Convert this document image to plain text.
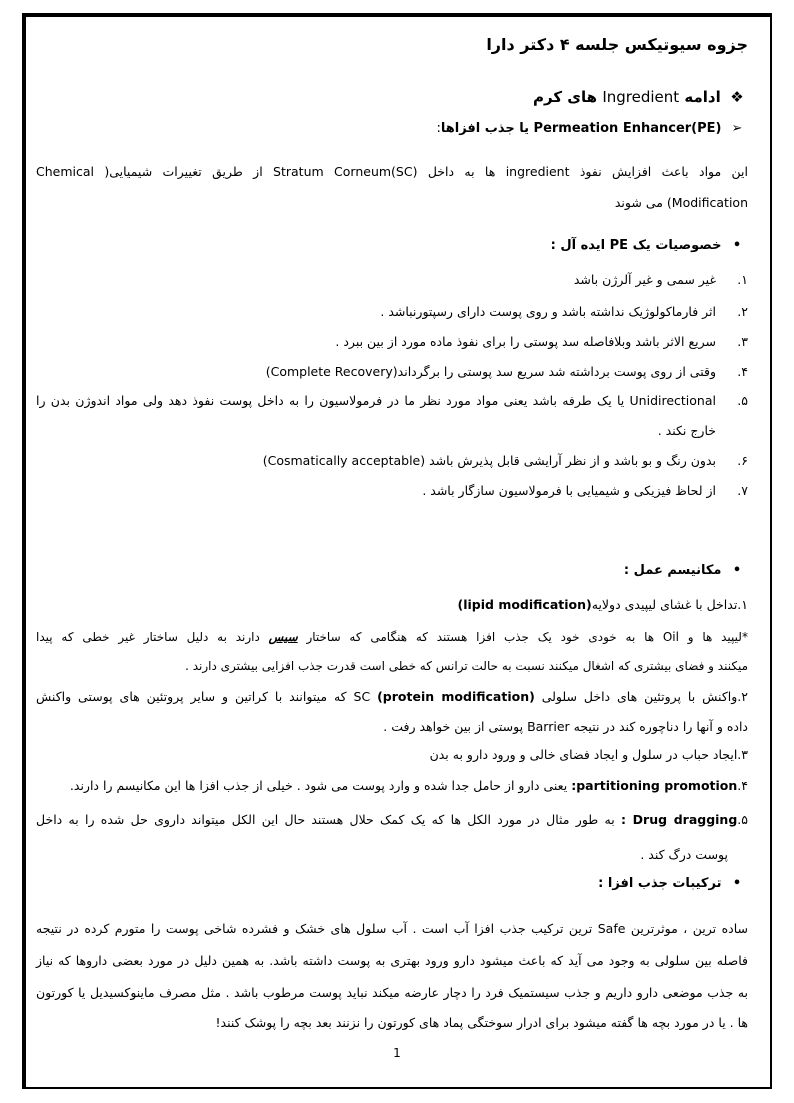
جزوه سیوتیکس جلسه ۴ دکتر دارا
❖ ادامه Ingredient های کرم
➢ Permeation Enhancer(PE) یا جذب افزاها:
این مواد باعث افزایش نفوذ ingredient ها به داخل Stratum Corneum(SC) از طریق تغییرات شیمیایی( Chemical
Modification) می شوند
• خصوصیات یک PE ایده آل :
۱.غیر سمی و غیر آلرژن باشد
۲.اثر فارماکولوژیک نداشته باشد و روی پوست دارای رسپتورنباشد .
۳.سریع الاثر باشد وبلافاصله سد پوستی را برای نفوذ ماده مورد از بین ببرد .
۴.وقتی از روی پوست برداشته شد سریع سد پوستی را برگرداند(Complete Recovery)
۵.Unidirectional یا یک طرفه باشد یعنی مواد مورد نظر ما در فرمولاسیون را به داخل پوست نفوذ دهد ولی مواد اندوژن بدن را
خارج نکند .
۶.بدون رنگ و بو باشد و از نظر آرایشی قابل پذیرش باشد (Cosmatically acceptable)
۷.از لحاظ فیزیکی و شیمیایی با فرمولاسیون سازگار باشد .
• مکانیسم عمل :
۱.تداخل با غشای لیپیدی دولایه(lipid modification)
*لیپید ها و Oil ها به خودی خود یک جذب افزا هستند که هنگامی که ساختار سیس دارند به دلیل ساختار غیر خطی که پیدا
میکنند و فضای بیشتری که اشغال میکنند نسبت به حالت ترانس که خطی است قدرت جذب افزایی بیشتری دارند .
۲.واکنش با پروتئین های داخل سلولی SC (protein modification) که میتوانند با کراتین و سایر پروتئین های پوستی واکنش
داده و آنها را دناچوره کند در نتیجه Barrier پوستی از بین خواهد رفت .
۳.ایجاد حباب در سلول و ایجاد فضای خالی و ورود دارو به بدن
۴.partitioning promotion: یعنی دارو از حامل جدا شده و وارد پوست می شود . خیلی از جذب افزا ها این مکانیسم را دارند.
۵.Drug dragging : به طور مثال در مورد الکل ها که یک کمک حلال هستند حال این الکل میتواند داروی حل شده را به داخل
پوست درگ کند .
• ترکیبات جذب افزا :
ساده ترین ، موثرترین Safe ترین ترکیب جذب افزا آب است . آب سلول های خشک و فشرده شاخی پوست را متورم کرده در نتیجه
فاصله بین سلولی به وجود می آید که باعث میشود دارو ورود بهتری به پوست داشته باشد. به همین دلیل در مورد بعضی داروها که نیاز
به جذب موضعی دارو داریم و جذب سیستمیک فرد را دچار عارضه میکند نباید پوست مرطوب باشد . مثل مصرف ماینوکسیدیل یا کورتون
ها . یا در مورد بچه ها گفته میشود برای ادرار سوختگی پماد های کورتون را نزنند بعد بچه را پوشک کنند!
1
